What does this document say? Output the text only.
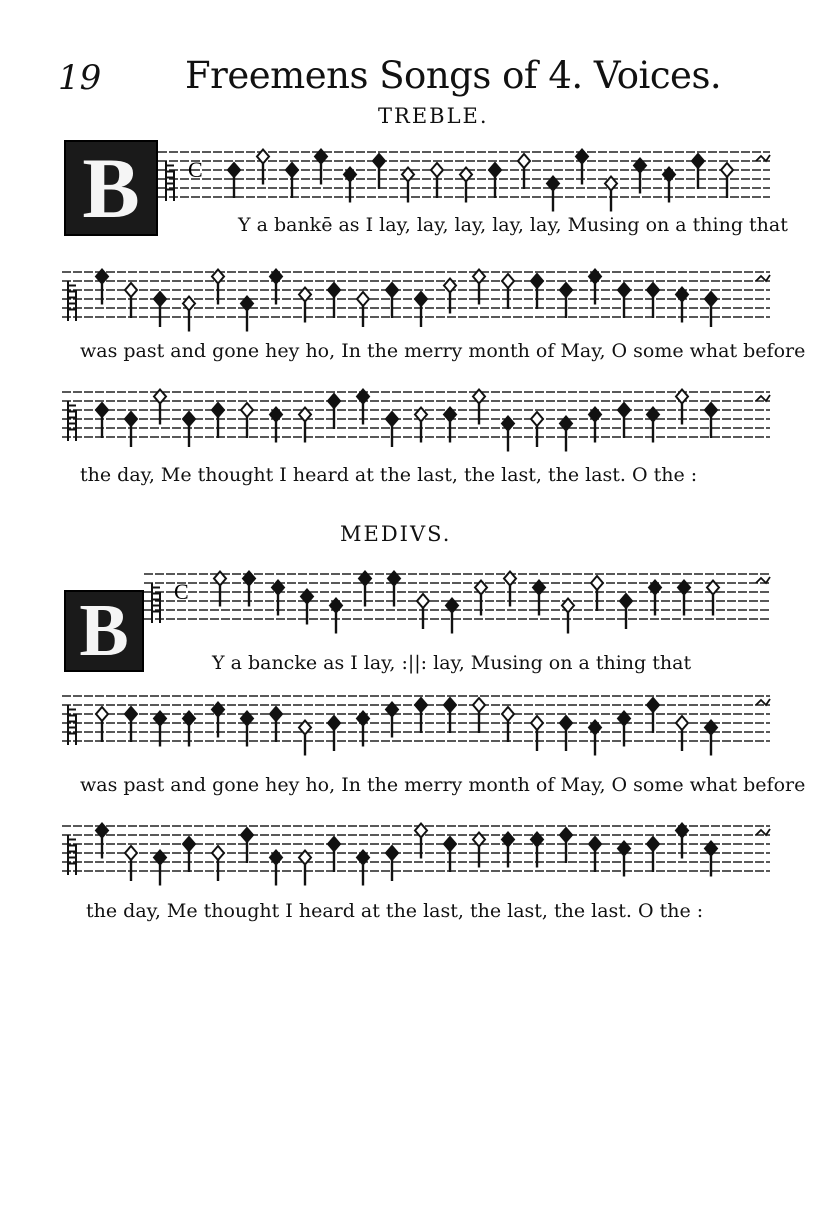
19 Freemens Songs of 4. Voices.
TREBLE.
B	C
Y a bankē as I lay, lay, lay, lay, lay, Musing on a thing that
was past and gone hey ho, In the merry month of May, O some what before
the day, Me thought I heard at the last, the last, the last. O the :
MEDIVS.
B	C
Y a bancke as I lay, :||: lay, Musing on a thing that
was past and gone hey ho, In the merry month of May, O some what before
the day, Me thought I heard at the last, the last, the last. O the :
